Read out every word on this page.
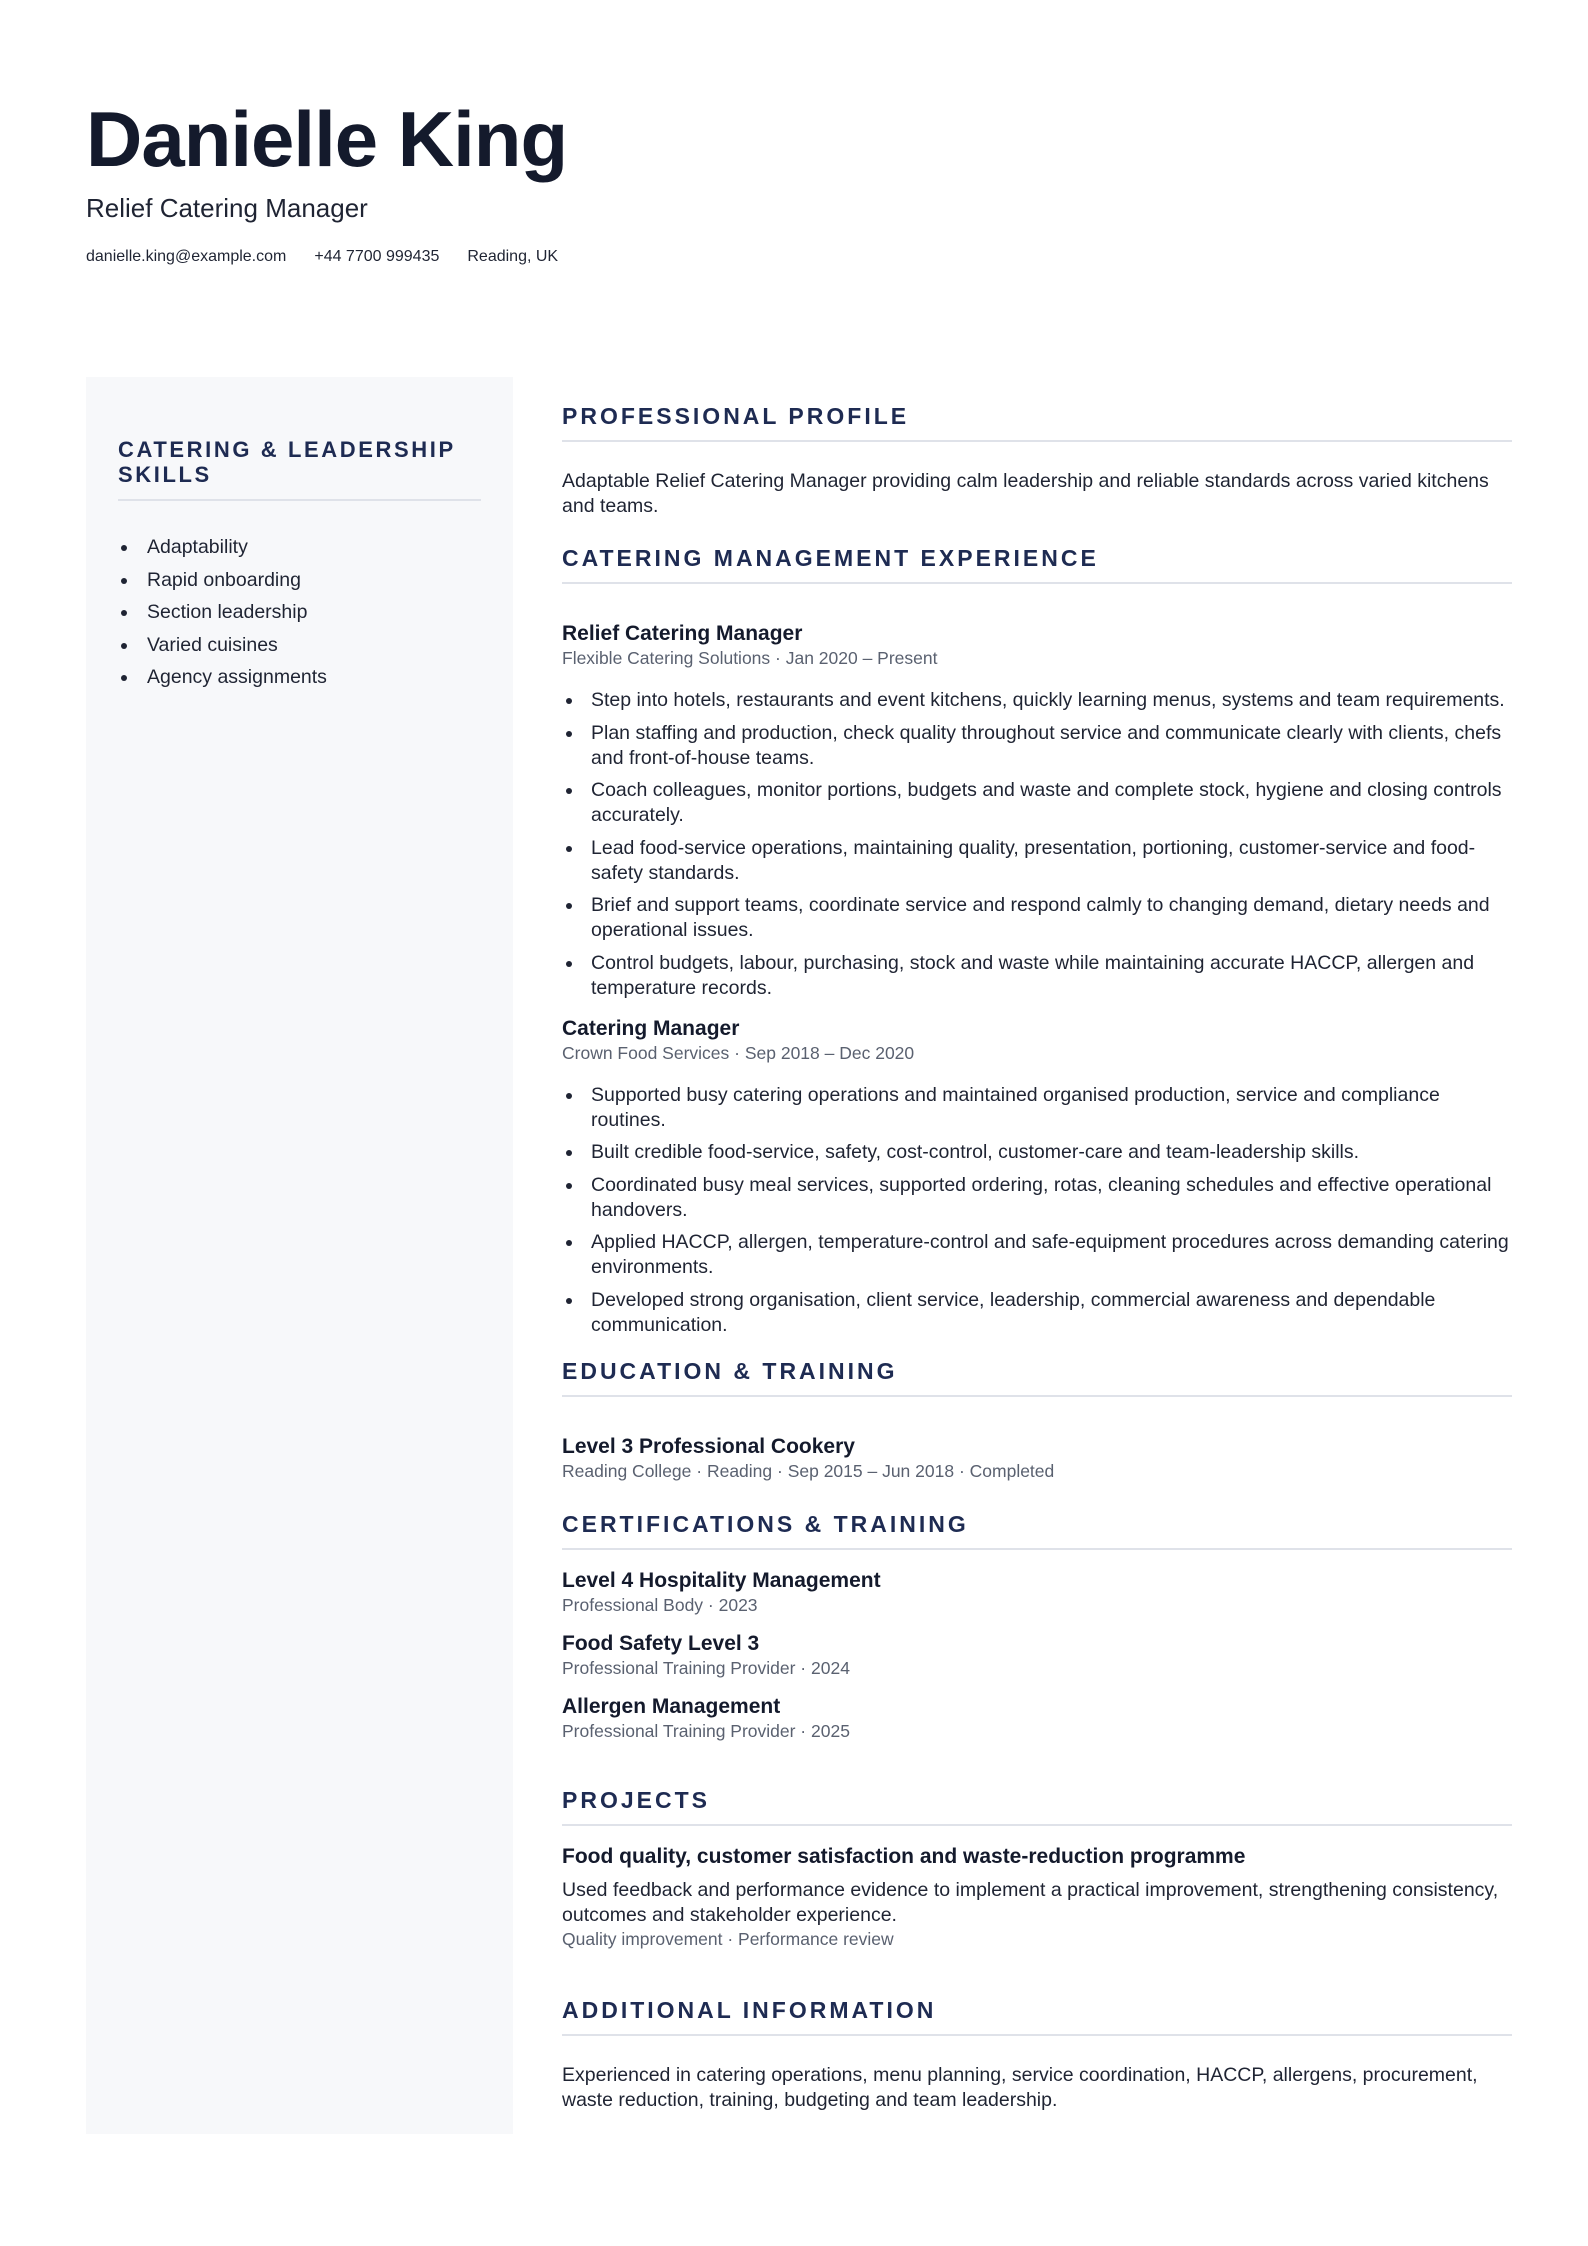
Danielle King
Relief Catering Manager
danielle.king@example.com +44 7700 999435 Reading, UK
CATERING & LEADERSHIP SKILLS
Adaptability
Rapid onboarding
Section leadership
Varied cuisines
Agency assignments
PROFESSIONAL PROFILE

Adaptable Relief Catering Manager providing calm leadership and reliable standards across varied kitchens and teams.

CATERING MANAGEMENT EXPERIENCE
Relief Catering Manager
Flexible Catering Solutions · Jan 2020 – Present
Step into hotels, restaurants and event kitchens, quickly learning menus, systems and team requirements.
Plan staffing and production, check quality throughout service and communicate clearly with clients, chefs and front-of-house teams.
Coach colleagues, monitor portions, budgets and waste and complete stock, hygiene and closing controls accurately.
Lead food-service operations, maintaining quality, presentation, portioning, customer-service and food-safety standards.
Brief and support teams, coordinate service and respond calmly to changing demand, dietary needs and operational issues.
Control budgets, labour, purchasing, stock and waste while maintaining accurate HACCP, allergen and temperature records.
Catering Manager
Crown Food Services · Sep 2018 – Dec 2020
Supported busy catering operations and maintained organised production, service and compliance routines.
Built credible food-service, safety, cost-control, customer-care and team-leadership skills.
Coordinated busy meal services, supported ordering, rotas, cleaning schedules and effective operational handovers.
Applied HACCP, allergen, temperature-control and safe-equipment procedures across demanding catering environments.
Developed strong organisation, client service, leadership, commercial awareness and dependable communication.
EDUCATION & TRAINING
Level 3 Professional Cookery
Reading College · Reading · Sep 2015 – Jun 2018 · Completed
CERTIFICATIONS & TRAINING
Level 4 Hospitality Management
Professional Body · 2023
Food Safety Level 3
Professional Training Provider · 2024
Allergen Management
Professional Training Provider · 2025
PROJECTS
Food quality, customer satisfaction and waste-reduction programme

Used feedback and performance evidence to implement a practical improvement, strengthening consistency, outcomes and stakeholder experience.

Quality improvement · Performance review
ADDITIONAL INFORMATION

Experienced in catering operations, menu planning, service coordination, HACCP, allergens, procurement, waste reduction, training, budgeting and team leadership.
